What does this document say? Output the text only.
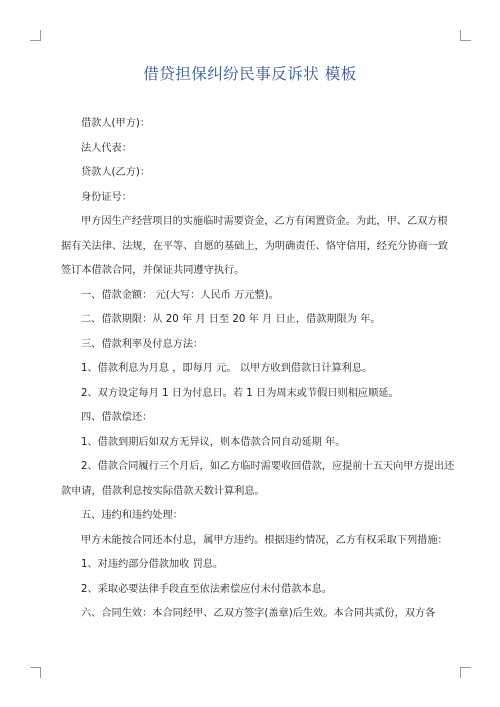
借贷担保纠纷民事反诉状 模板

借款人(甲方)：

法人代表：

贷款人(乙方)：

身份证号：

甲方因生产经营项目的实施临时需要资金，乙方有闲置资金。为此，甲、乙双方根据有关法律、法规，在平等、自愿的基础上，为明确责任、恪守信用，经充分协商一致签订本借款合同，并保证共同遵守执行。

一、借款金额： 元(大写：人民币 万元整)。

二、借款期限：从 20 年 月 日至 20 年 月 日止，借款期限为 年。

三、借款利率及付息方法：

1、借款利息为月息 ，即每月 元。 以甲方收到借款日计算利息。

2、双方设定每月 1 日为付息日。若 1 日为周末或节假日则相应顺延。

四、借款偿还：

1、借款到期后如双方无异议，则本借款合同自动延期 年。

2、借款合同履行三个月后，如乙方临时需要收回借款，应提前十五天向甲方提出还款申请，借款利息按实际借款天数计算利息。

五、违约和违约处理：

甲方未能按合同还本付息，属甲方违约。根据违约情况，乙方有权采取下列措施：

1、对违约部分借款加收 罚息。

2、采取必要法律手段直至依法索偿应付未付借款本息。

六、合同生效：本合同经甲、乙双方签字(盖章)后生效。本合同共贰份，双方各
